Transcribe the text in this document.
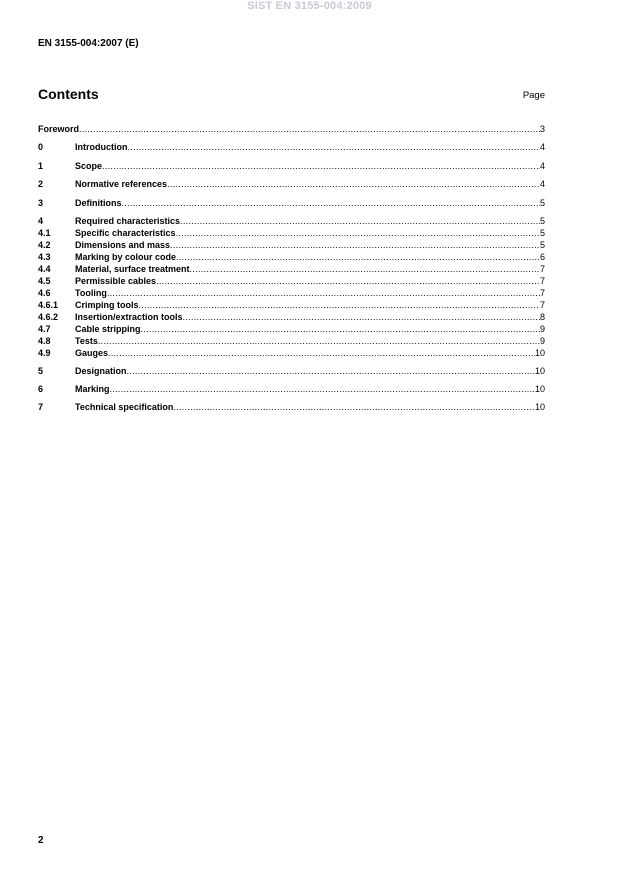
SIST EN 3155-004:2009
EN 3155-004:2007 (E)
Contents	Page
Foreword .....	3
0	Introduction .....	4
1	Scope .....	4
2	Normative references .....	4
3	Definitions .....	5
4	Required characteristics .....	5
4.1	Specific characteristics .....	5
4.2	Dimensions and mass .....	5
4.3	Marking by colour code .....	6
4.4	Material, surface treatment .....	7
4.5	Permissible cables .....	7
4.6	Tooling .....	7
4.6.1	Crimping tools .....	7
4.6.2	Insertion/extraction tools .....	8
4.7	Cable stripping .....	9
4.8	Tests .....	9
4.9	Gauges .....	10
5	Designation .....	10
6	Marking .....	10
7	Technical specification .....	10
2
